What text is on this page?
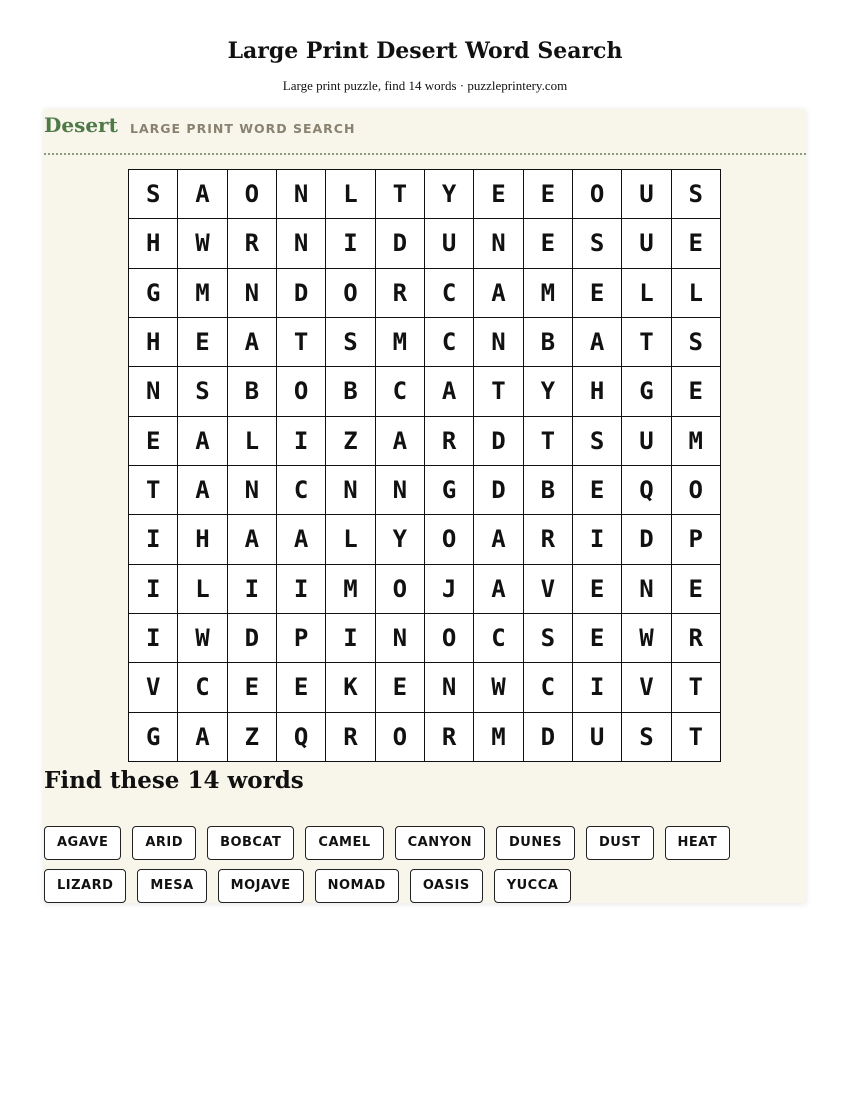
Large Print Desert Word Search
Large print puzzle, find 14 words · puzzleprintery.com
Desert LARGE PRINT WORD SEARCH
S	A	O	N	L	T	Y	E	E	O	U	S
H	W	R	N	I	D	U	N	E	S	U	E
G	M	N	D	O	R	C	A	M	E	L	L
H	E	A	T	S	M	C	N	B	A	T	S
N	S	B	O	B	C	A	T	Y	H	G	E
E	A	L	I	Z	A	R	D	T	S	U	M
T	A	N	C	N	N	G	D	B	E	Q	O
I	H	A	A	L	Y	O	A	R	I	D	P
I	L	I	I	M	O	J	A	V	E	N	E
I	W	D	P	I	N	O	C	S	E	W	R
V	C	E	E	K	E	N	W	C	I	V	T
G	A	Z	Q	R	O	R	M	D	U	S	T
Find these 14 words
AGAVE	ARID	BOBCAT	CAMEL	CANYON	DUNES	DUST	HEAT
LIZARD	MESA	MOJAVE	NOMAD	OASIS	YUCCA
